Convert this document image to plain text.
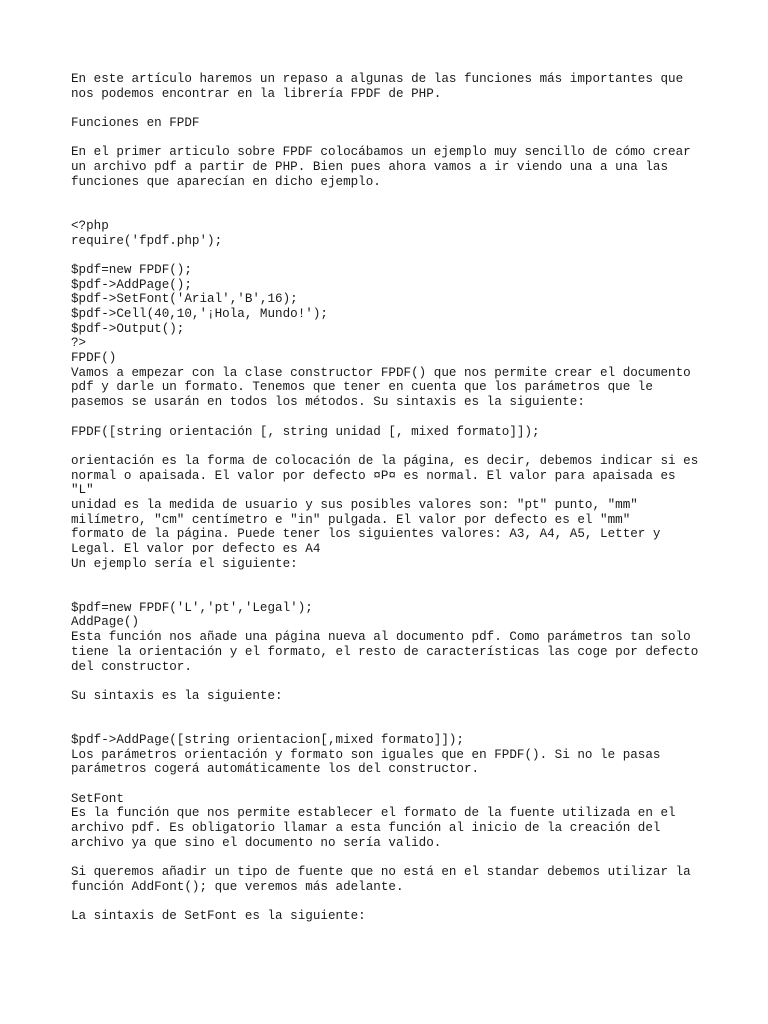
En este artículo haremos un repaso a algunas de las funciones más importantes que
nos podemos encontrar en la librería FPDF de PHP.
Funciones en FPDF
En el primer articulo sobre FPDF colocábamos un ejemplo muy sencillo de cómo crear
un archivo pdf a partir de PHP. Bien pues ahora vamos a ir viendo una a una las
funciones que aparecían en dicho ejemplo.
<?php
require('fpdf.php');
$pdf=new FPDF();
$pdf->AddPage();
$pdf->SetFont('Arial','B',16);
$pdf->Cell(40,10,'¡Hola, Mundo!');
$pdf->Output();
?>
FPDF()
Vamos a empezar con la clase constructor FPDF() que nos permite crear el documento
pdf y darle un formato. Tenemos que tener en cuenta que los parámetros que le
pasemos se usarán en todos los métodos. Su sintaxis es la siguiente:
FPDF([string orientación [, string unidad [, mixed formato]]);
orientación es la forma de colocación de la página, es decir, debemos indicar si es
normal o apaisada. El valor por defecto ¤P¤ es normal. El valor para apaisada es
"L"
unidad es la medida de usuario y sus posibles valores son: "pt" punto, "mm"
milímetro, "cm" centímetro e "in" pulgada. El valor por defecto es el "mm"
formato de la página. Puede tener los siguientes valores: A3, A4, A5, Letter y
Legal. El valor por defecto es A4
Un ejemplo sería el siguiente:
$pdf=new FPDF('L','pt','Legal');
AddPage()
Esta función nos añade una página nueva al documento pdf. Como parámetros tan solo
tiene la orientación y el formato, el resto de características las coge por defecto
del constructor.
Su sintaxis es la siguiente:
$pdf->AddPage([string orientacion[,mixed formato]]);
Los parámetros orientación y formato son iguales que en FPDF(). Si no le pasas
parámetros cogerá automáticamente los del constructor.
SetFont
Es la función que nos permite establecer el formato de la fuente utilizada en el
archivo pdf. Es obligatorio llamar a esta función al inicio de la creación del
archivo ya que sino el documento no sería valido.
Si queremos añadir un tipo de fuente que no está en el standar debemos utilizar la
función AddFont(); que veremos más adelante.
La sintaxis de SetFont es la siguiente:
